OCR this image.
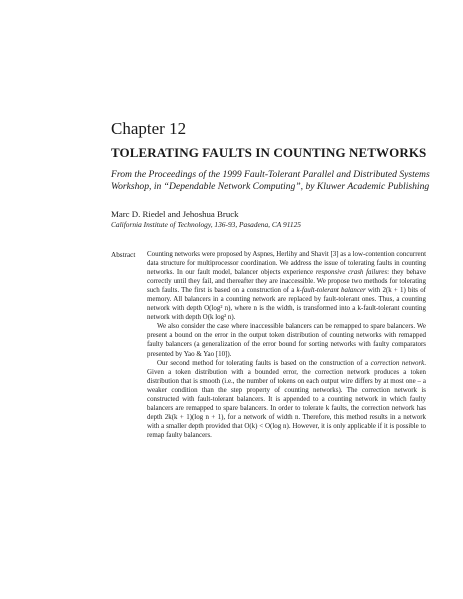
Chapter 12
TOLERATING FAULTS IN COUNTING NETWORKS
From the Proceedings of the 1999 Fault-Tolerant Parallel and Distributed Systems Workshop, in “Dependable Network Computing”, by Kluwer Academic Publishing
Marc D. Riedel and Jehoshua Bruck
California Institute of Technology, 136-93, Pasadena, CA 91125
Abstract Counting networks were proposed by Aspnes, Herlihy and Shavit [3] as a low-contention concurrent data structure for multiprocessor coordination. We address the issue of tolerating faults in counting networks. In our fault model, balancer objects experience responsive crash failures: they behave correctly until they fail, and thereafter they are inaccessible. We propose two methods for tolerating such faults. The first is based on a construction of a k-fault-tolerant balancer with 2(k + 1) bits of memory. All balancers in a counting network are replaced by fault-tolerant ones. Thus, a counting network with depth O(log² n), where n is the width, is transformed into a k-fault-tolerant counting network with depth O(k log² n).

We also consider the case where inaccessible balancers can be remapped to spare balancers. We present a bound on the error in the output token distribution of counting networks with remapped faulty balancers (a generalization of the error bound for sorting networks with faulty comparators presented by Yao & Yao [10]).

Our second method for tolerating faults is based on the construction of a correction network. Given a token distribution with a bounded error, the correction network produces a token distribution that is smooth (i.e., the number of tokens on each output wire differs by at most one – a weaker condition than the step property of counting networks). The correction network is constructed with fault-tolerant balancers. It is appended to a counting network in which faulty balancers are remapped to spare balancers. In order to tolerate k faults, the correction network has depth 2k(k + 1)(log n + 1), for a network of width n. Therefore, this method results in a network with a smaller depth provided that O(k) < O(log n). However, it is only applicable if it is possible to remap faulty balancers.
